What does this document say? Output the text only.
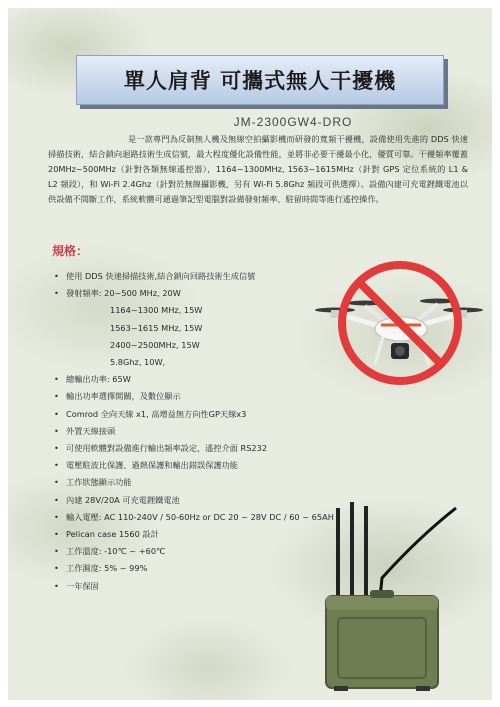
單人肩背 可攜式無人干擾機
JM-2300GW4-DRO

是一款專門為反制無人機及無線空拍攝影機而研發的寬頻干擾機，設備使用先進的 DDS 快速掃描技術，結合鎖向迴路技術生成信號，最大程度優化設備性能，並將非必要干擾最小化，優質可靠。干擾頻率覆蓋 20MHz~500MHz（針對各類無線遙控器），1164~1300MHz, 1563~1615MHz（針對 GPS 定位系統的 L1 & L2 頻段），和 Wi-Fi 2.4Ghz（針對於無線攝影機，另有 Wi-Fi 5.8Ghz 頻段可供選擇）。設備內建可充電鋰鐵電池以供設備不間斷工作，系統軟體可通過筆記型電腦對設備發射頻率、駐留時間等進行遙控操作。

規格：
• 使用 DDS 快速掃描技術,結合鎖向回路技術生成信號
• 發射頻率: 20~500 MHz, 20W
1164~1300 MHz, 15W
1563~1615 MHz, 15W
2400~2500MHz, 15W
5.8Ghz, 10W,
• 總輸出功率: 65W
• 輸出功率選擇開關，及數位顯示
• Comrod 全向天線 x1, 高增益無方向性GP天線x3
• 外置天線接頭
• 可使用軟體對設備進行輸出頻率設定，遙控介面 RS232
• 電壓駐波比保護、過熱保護和輸出錯誤保護功能
• 工作狀態顯示功能
• 內建 28V/20A 可充電鋰鐵電池
• 輸入電壓: AC 110-240V / 50-60Hz or DC 20 ~ 28V DC / 60 ~ 65AH
• Pelican case 1560 設計
• 工作溫度: -10℃ ~ +60℃
• 工作濕度: 5% ~ 99%
• 一年保固
